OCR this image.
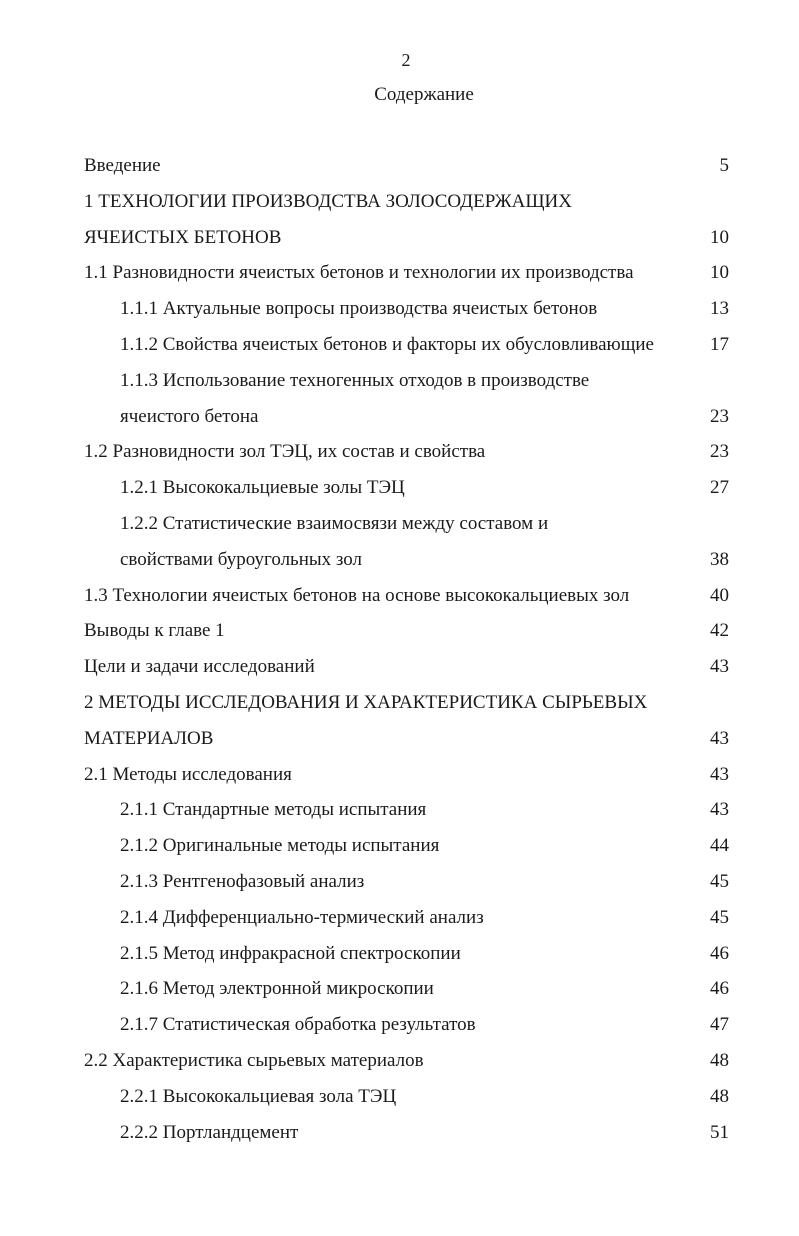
2
Содержание
Введение	5
1 ТЕХНОЛОГИИ ПРОИЗВОДСТВА ЗОЛОСОДЕРЖАЩИХ
ЯЧЕИСТЫХ БЕТОНОВ	10
1.1 Разновидности ячеистых бетонов и технологии их производства	10
1.1.1 Актуальные вопросы производства ячеистых бетонов	13
1.1.2 Свойства ячеистых бетонов и факторы их обусловливающие	17
1.1.3 Использование техногенных отходов в производстве
ячеистого бетона	23
1.2 Разновидности зол ТЭЦ, их состав и свойства	23
1.2.1 Высококальциевые золы ТЭЦ	27
1.2.2 Статистические взаимосвязи между составом и
свойствами буроугольных зол	38
1.3 Технологии ячеистых бетонов на основе высококальциевых зол	40
Выводы к главе 1	42
Цели и задачи исследований	43
2 МЕТОДЫ ИССЛЕДОВАНИЯ И ХАРАКТЕРИСТИКА СЫРЬЕВЫХ
МАТЕРИАЛОВ	43
2.1 Методы исследования	43
2.1.1 Стандартные методы испытания	43
2.1.2 Оригинальные методы испытания	44
2.1.3 Рентгенофазовый анализ	45
2.1.4 Дифференциально-термический анализ	45
2.1.5 Метод инфракрасной спектроскопии	46
2.1.6 Метод электронной микроскопии	46
2.1.7 Статистическая обработка результатов	47
2.2 Характеристика сырьевых материалов	48
2.2.1 Высококальциевая зола ТЭЦ	48
2.2.2 Портландцемент	51
